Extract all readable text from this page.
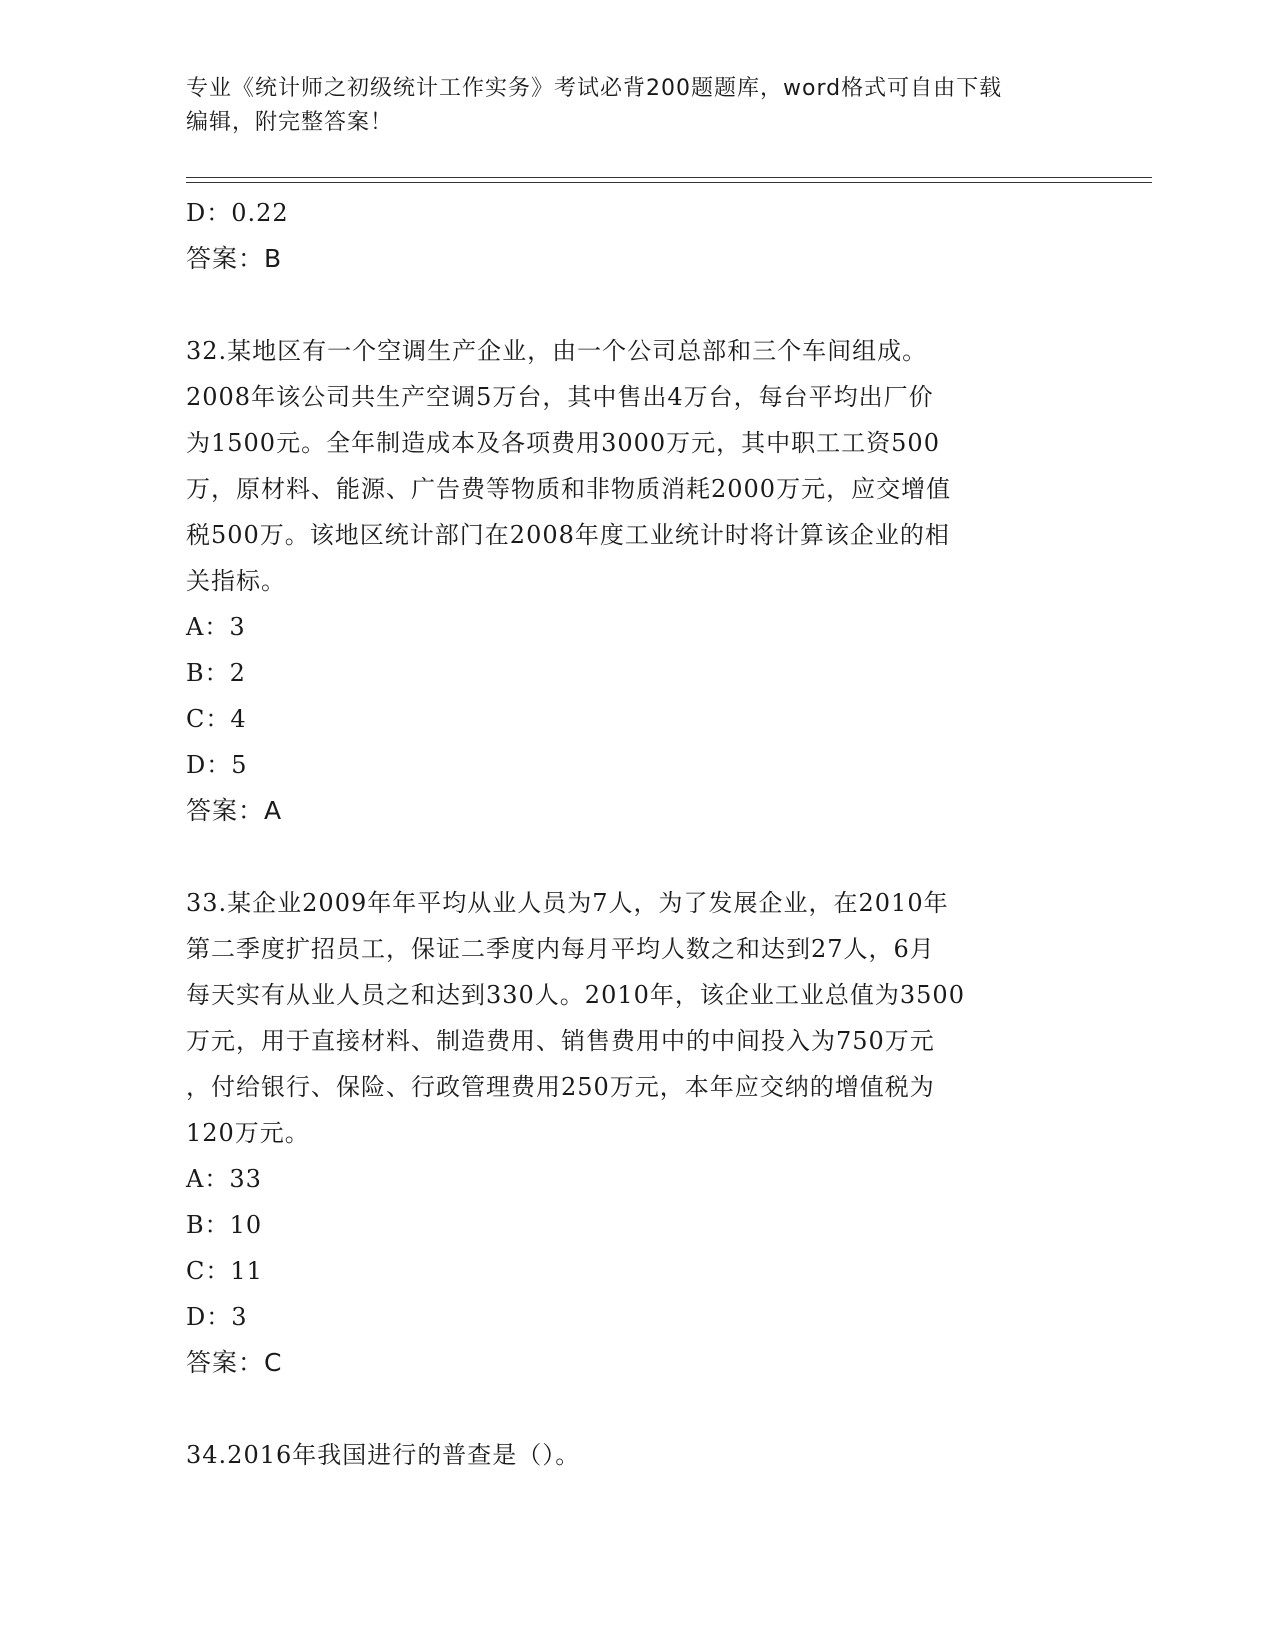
专业《统计师之初级统计工作实务》考试必背200题题库，word格式可自由下载
编辑，附完整答案！
D：0.22
答案：B
32.某地区有一个空调生产企业，由一个公司总部和三个车间组成。
2008年该公司共生产空调5万台，其中售出4万台，每台平均出厂价
为1500元。全年制造成本及各项费用3000万元，其中职工工资500
万，原材料、能源、广告费等物质和非物质消耗2000万元，应交增值
税500万。该地区统计部门在2008年度工业统计时将计算该企业的相
关指标。
A：3
B：2
C：4
D：5
答案：A
33.某企业2009年年平均从业人员为7人，为了发展企业，在2010年
第二季度扩招员工，保证二季度内每月平均人数之和达到27人，6月
每天实有从业人员之和达到330人。2010年，该企业工业总值为3500
万元，用于直接材料、制造费用、销售费用中的中间投入为750万元
，付给银行、保险、行政管理费用250万元，本年应交纳的增值税为
120万元。
A：33
B：10
C：11
D：3
答案：C
34.2016年我国进行的普查是（）。
